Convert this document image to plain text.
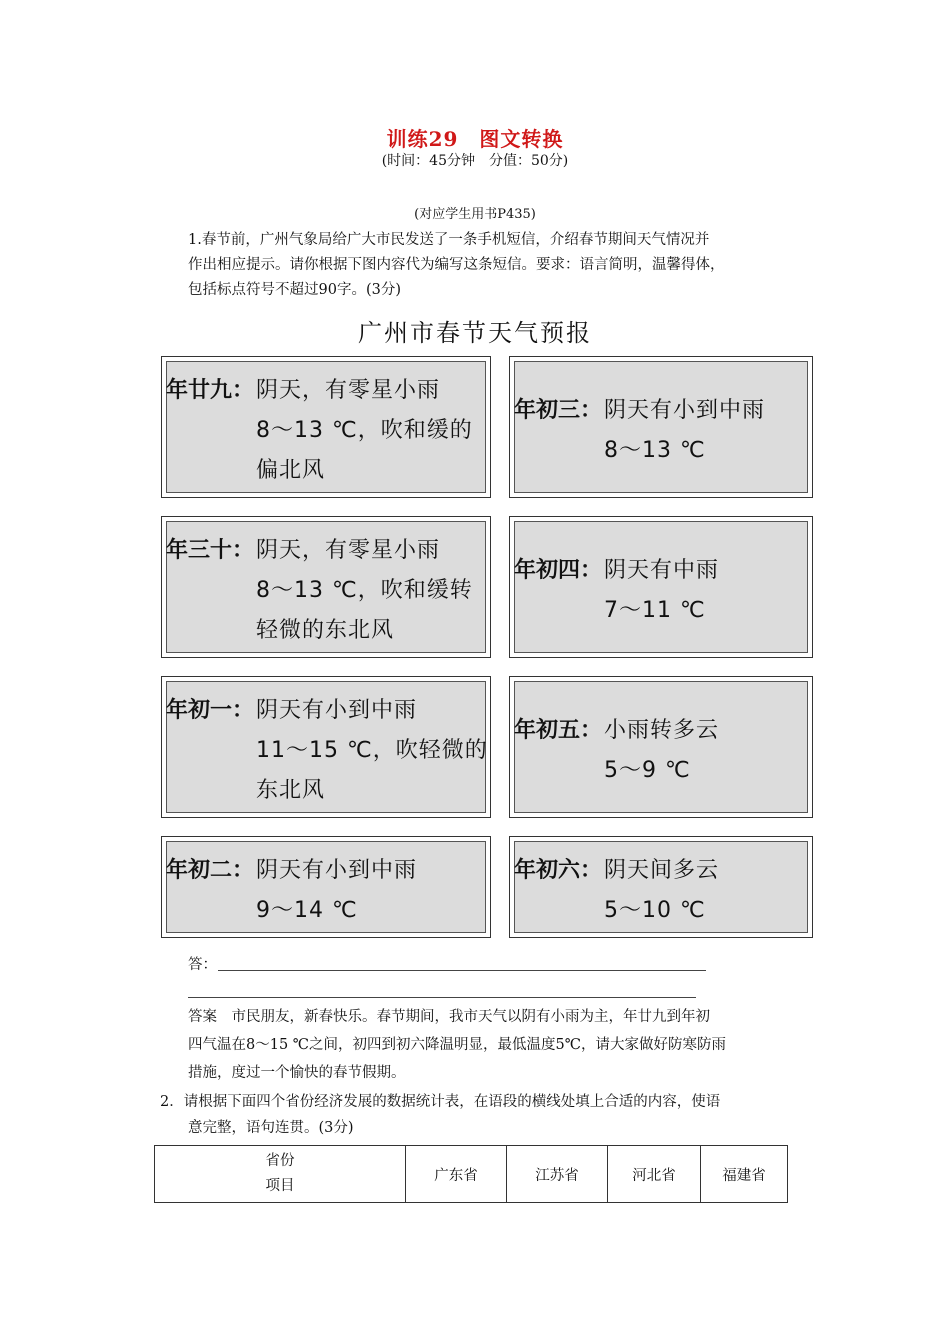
训练29　图文转换
(时间：45分钟　分值：50分)
(对应学生用书P435)
1.春节前，广州气象局给广大市民发送了一条手机短信，介绍春节期间天气情况并
作出相应提示。请你根据下图内容代为编写这条短信。要求：语言简明，温馨得体，
包括标点符号不超过90字。(3分)
广州市春节天气预报
年廿九： 阴天，有零星小雨
8～13 ℃，吹和缓的
偏北风
年三十： 阴天，有零星小雨
8～13 ℃，吹和缓转
轻微的东北风
年初一： 阴天有小到中雨
11～15 ℃，吹轻微的
东北风
年初二： 阴天有小到中雨
9～14 ℃
年初三： 阴天有小到中雨
8～13 ℃
年初四： 阴天有中雨
7～11 ℃
年初五： 小雨转多云
5～9 ℃
年初六： 阴天间多云
5～10 ℃
答：
答案　市民朋友，新春快乐。春节期间，我市天气以阴有小雨为主，年廿九到年初
四气温在8～15 ℃之间，初四到初六降温明显，最低温度5℃，请大家做好防寒防雨
措施，度过一个愉快的春节假期。
2．请根据下面四个省份经济发展的数据统计表，在语段的横线处填上合适的内容，使语
意完整，语句连贯。(3分)
省份
项目
	广东省	江苏省	河北省	福建省
